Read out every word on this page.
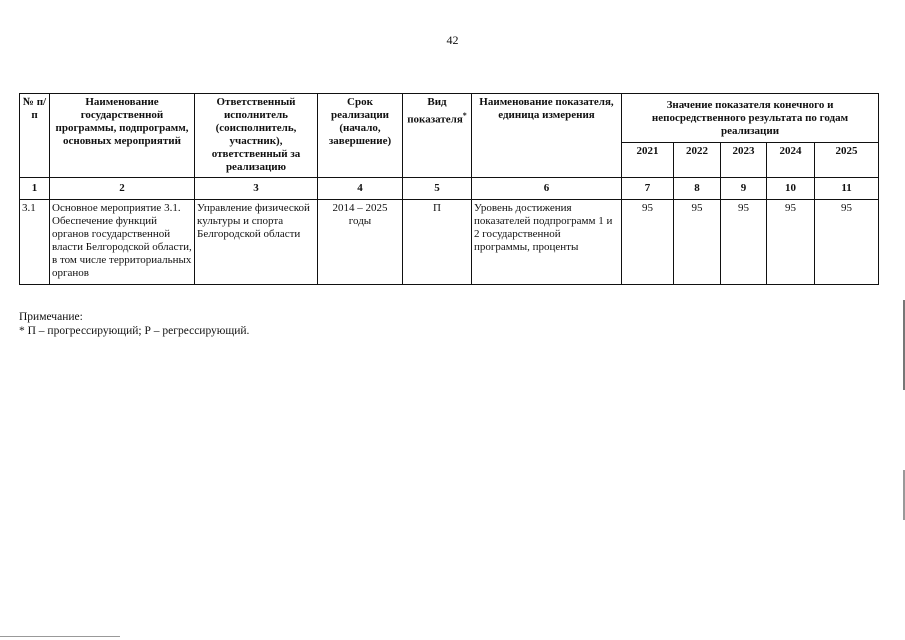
42
№ п/п	Наименование государственной программы, подпрограмм, основных мероприятий	Ответственный исполнитель (соисполнитель, участник), ответственный за реализацию	Срок реализации (начало, завершение)	Вид показателя*	Наименование показателя, единица измерения	Значение показателя конечного и непосредственного результата по годам реализации				
						2021	2022	2023	2024	2025
1	2	3	4	5	6	7	8	9	10	11
3.1	Основное мероприятие 3.1. Обеспечение функций органов государственной власти Белгородской области, в том числе территориальных органов	Управление физической культуры и спорта Белгородской области	2014 – 2025 годы	П	Уровень достижения показателей подпрограмм 1 и 2 государственной программы, проценты	95	95	95	95	95
Примечание:
* П – прогрессирующий; Р – регрессирующий.
